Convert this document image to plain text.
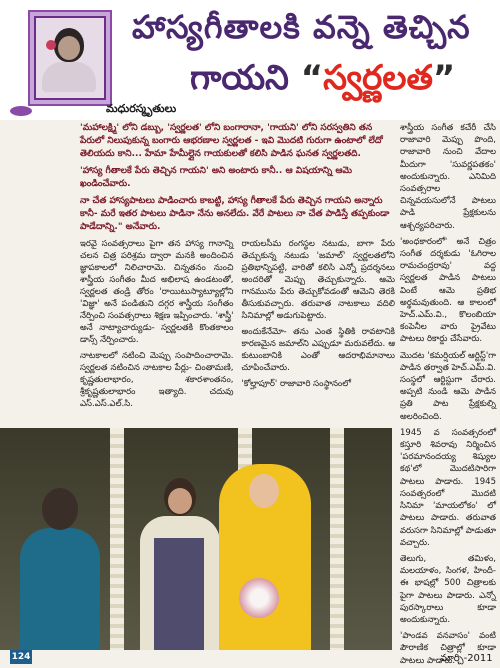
హాస్యగీతాలకి వన్నె తెచ్చిన
గాయని “స్వర్ణలత”
మధురస్మృతులు

'మహాలక్ష్మి' లోని డబ్బు, 'స్వర్ణలత' లోని బంగారానా, 'గాయని' లోని సరస్వతిని తన పేరులో నిలుపుకున్న బంగారు ఆభరణాల స్వర్ణలత - ఇవి మొదటి గురుగా ఉంటాలో లేదో తెలియదు కాని... హేమా హేమీల్లైన గాయకులతో కలిసి పాడిన ఘనత స్వర్ణలతది.

'హాస్య గీతాలకే పేరు తెచ్చిన గాయని' అని అంటారు కానీ.. ఆ విషయాన్ని ఆమె ఖండించేవారు.

నా చేత హాస్యపాటలు పాడించారు కాబట్టి, హాస్య గీతాలకే పేరు తెచ్చిన గాయని అన్నారు కానీ- మరే ఇతర పాటలు పాడినా నేను అనలేదు. వేరే పాటలు నా చేత పాడిస్తే తప్పకుండా పాడేదాన్ని." అనేవారు.

ఇరవై సంవత్సరాలు పైగా తన హాస్య గానాన్ని చలన చిత్ర పరిశ్రమ ద్వారా మనకి అందించిన జ్ఞాపకాలలో నిలిచారామె. చిన్నతనం నుంచి శాస్త్రీయ సంగీతం మీద అభిలాష ఉండటంతో, స్వర్ణలత తండ్రి తోరం 'రాయిటుస్యాట్యూల్లోని 'విజ్ఞా' అనే పండితుని దగ్గర శాస్త్రీయ సంగీతం నేర్పించి సంవత్సరాలు శిక్షణ ఇప్పించారు. 'శాస్త్రీ' అనే నాట్యాచార్యుడు- స్వర్ణలతకి కొంతకాలం డాన్స్ నేర్పించారు.

నాటకాలలో నటించి మెప్పు సంపాదించారామె. స్వర్ణలత నటించిన నాటకాల పేర్లు- చింతామణి, కృష్ణతులాభారం, శకారశాంతనం, శ్రీకృష్ణతులాభారం ఇత్యాది. చదువు ఎస్.ఎస్.ఎల్.సి.

రాయలసీమ రంగస్థల నటుడు, బాగా పేరు తెచ్చుకున్న నటుడు 'జమాల్' స్వర్ణలతలోని ప్రతిభాన్నిపట్టి, వారితో కలిసి ఎన్నో ప్రదర్శనలు అందరితో మెప్పు తెచ్చుకున్నారు. ఆమె గానమును పేరు తెచ్చుకోవడంతో ఆమెని తెరకి తీసుకువచ్చారు. తరువాత నాటకాలు వదిలి సినిమాల్లో అడుగుపెట్టారు.

అందుకేనేమో- తను ఎంత స్థితికి రావటానికి కారణమైన జమాల్‌ని ఎప్పుడూ మరువలేదు. ఆ కుటుంబానికి ఎంతో ఆదరాభిమానాలు చూపించేవారు.

'కోల్హాపూర్' రాజావారి సంస్థానంలో

శాస్త్రీయ సంగీత కచేరీ చేసి రాజావారి మెప్పు పొంది, రాజావారి నుంచి వేదాల మీదుగా 'సువర్ణపతకం' అందుకున్నారు. ఎనిమిది సంవత్సరాల చిన్నవయసులోనే పాటలు పాడి ప్రేక్షకులను ఆశ్చర్యపరిచారు.

'అంధకారంలో' అనే చిత్రం సంగీత దర్శకుడు 'ఓగిరాల రామచంద్రరావు' వద్ద స్వర్ణలత పాడిన పాటలు వింటే ఆమె ప్రతిభ అర్థమవుతుంది. ఆ కాలంలో హెచ్.ఎమ్.వి., కొలంబియా కంపెనీల వారు ప్రైవేటు పాటలు రికార్డు చేసేవారు.

మొదట 'కమర్షియల్ ఆర్టిస్ట్'గా పాడిన తర్వాత హెచ్.ఎమ్.వి. సంస్థలో ఆర్టిస్టుగా చేరారు. అప్పటి నుండి ఆమె పాడిన ప్రతి పాట ప్రేక్షకుల్ని అలరించింది.

1945 వ సంవత్సరంలో కస్తూరి శివరావు నిర్మించిన 'పరమానందయ్య శిష్యుల కథ'లో మొదటిసారిగా పాటలు పాడారు. 1945 సంవత్సరంలో మొదటి సినిమా 'మాయలోకం' లో పాటలు పాడారు. తరువాత వరుసగా సినిమాల్లో పాడుతూ వచ్చారు.

తెలుగు, తమిళం, మలయాళం, సింగళ, హిందీ- ఈ భాషల్లో 500 చిత్రాలకు పైగా పాటలు పాడారు. ఎన్నో పురస్కారాలు కూడా అందుకున్నారు.

'పాండవ వనవాసం' వంటి పౌరాణిక చిత్రాల్లో కూడా పాటలు పాడారు.

124	మార్చి-2011
